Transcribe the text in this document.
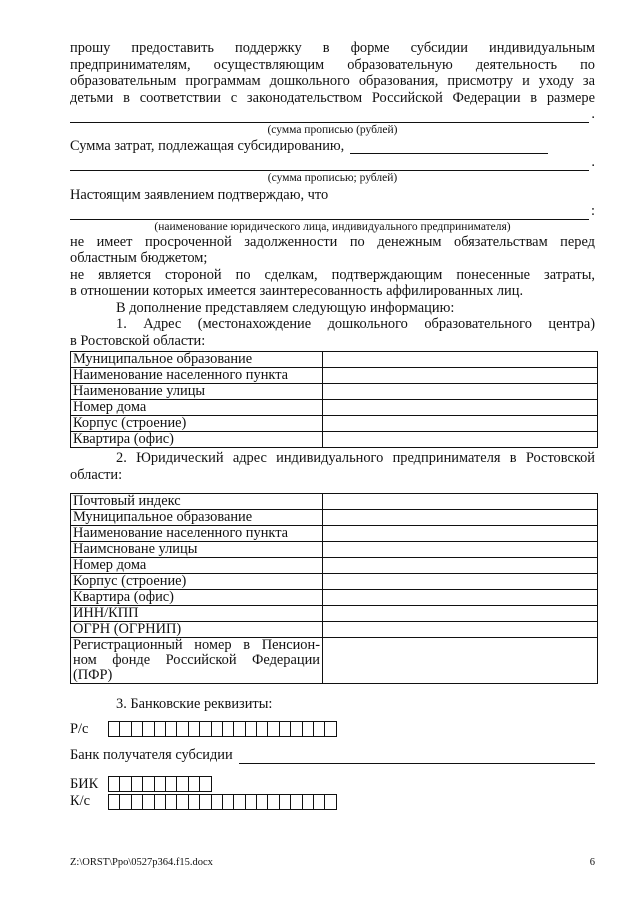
прошу предоставить поддержку в форме субсидии индивидуальным

предпринимателям, осуществляющим образовательную деятельность по

образовательным программам дошкольного образования, присмотру и уходу за

детьми в соответствии с законодательством Российской Федерации в размере

.

(сумма прописью (рублей)

Сумма затрат, подлежащая субсидированию,
.

(сумма прописью; рублей)

Настоящим заявлением подтверждаю, что

:

(наименование юридического лица, индивидуального предпринимателя)

не имеет просроченной задолженности по денежным обязательствам перед

областным бюджетом;

не является стороной по сделкам, подтверждающим понесенные затраты,

в отношении которых имеется заинтересованность аффилированных лиц.

В дополнение представляем следующую информацию:

1. Адрес (местонахождение дошкольного образовательного центра)

в Ростовской области:

Муниципальное образование	
Наименование населенного пункта	
Наименование улицы	
Номер дома	
Корпус (строение)	
Квартира (офис)	

2. Юридический адрес индивидуального предпринимателя в Ростовской

области:

Почтовый индекс	
Муниципальное образование	
Наименование населенного пункта	
Наимсноване улицы	
Номер дома	
Корпус (строение)	
Квартира (офис)	
ИНН/КПП	
ОГРН (ОГРНИП)	

Регистрационный номер в Пенсион-
ном фонде Российской Федерации
(ПФР)	

3. Банковские реквизиты:

Р/с
Банк получателя субсидии
БИК
К/с
Z:\ORST\Ppo\0527p364.f15.docx	6
